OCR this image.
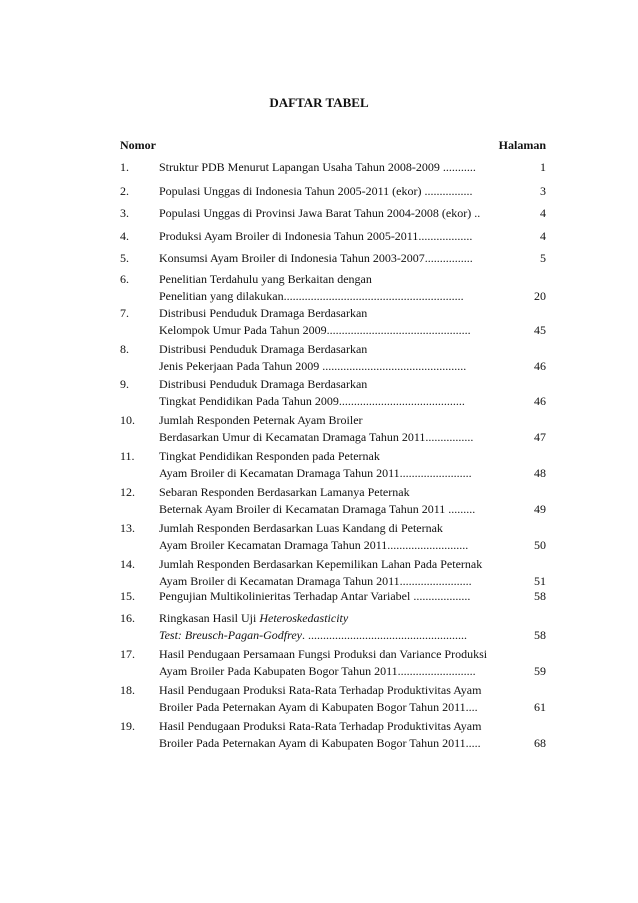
DAFTAR TABEL
Nomor	Halaman
1.	Struktur PDB Menurut Lapangan Usaha Tahun 2008-2009 ...........	1
2.	Populasi Unggas di Indonesia Tahun 2005-2011 (ekor) ................	3
3.	Populasi Unggas di Provinsi Jawa Barat Tahun 2004-2008 (ekor) ..	4
4.	Produksi Ayam Broiler di Indonesia Tahun 2005-2011..................	4
5.	Konsumsi Ayam Broiler di Indonesia Tahun 2003-2007................	5
6.	Penelitian Terdahulu yang Berkaitan dengan
Penelitian yang dilakukan............................................................	20
7.	Distribusi Penduduk Dramaga Berdasarkan
Kelompok Umur Pada Tahun 2009................................................	45
8.	Distribusi Penduduk Dramaga Berdasarkan
Jenis Pekerjaan Pada Tahun 2009 ................................................	46
9.	Distribusi Penduduk Dramaga Berdasarkan
Tingkat Pendidikan Pada Tahun 2009..........................................	46
10. Jumlah Responden Peternak Ayam Broiler
Berdasarkan Umur di Kecamatan Dramaga Tahun 2011................	47
11. Tingkat Pendidikan Responden pada Peternak
Ayam Broiler di Kecamatan Dramaga Tahun 2011........................	48
12. Sebaran Responden Berdasarkan Lamanya Peternak
Beternak Ayam Broiler di Kecamatan Dramaga Tahun 2011 .........	49
13. Jumlah Responden Berdasarkan Luas Kandang di Peternak
Ayam Broiler Kecamatan Dramaga Tahun 2011...........................	50
14. Jumlah Responden Berdasarkan Kepemilikan Lahan Pada Peternak
Ayam Broiler di Kecamatan Dramaga Tahun 2011........................	51
15. Pengujian Multikolinieritas Terhadap Antar Variabel ...................	58
16. Ringkasan Hasil Uji Heteroskedasticity
Test: Breusch-Pagan-Godfrey. .....................................................	58
17. Hasil Pendugaan Persamaan Fungsi Produksi dan Variance Produksi
Ayam Broiler Pada Kabupaten Bogor Tahun 2011..........................	59
18. Hasil Pendugaan Produksi Rata-Rata Terhadap Produktivitas Ayam
Broiler Pada Peternakan Ayam di Kabupaten Bogor Tahun 2011....	61
19. Hasil Pendugaan Produksi Rata-Rata Terhadap Produktivitas Ayam
Broiler Pada Peternakan Ayam di Kabupaten Bogor Tahun 2011.....	68
